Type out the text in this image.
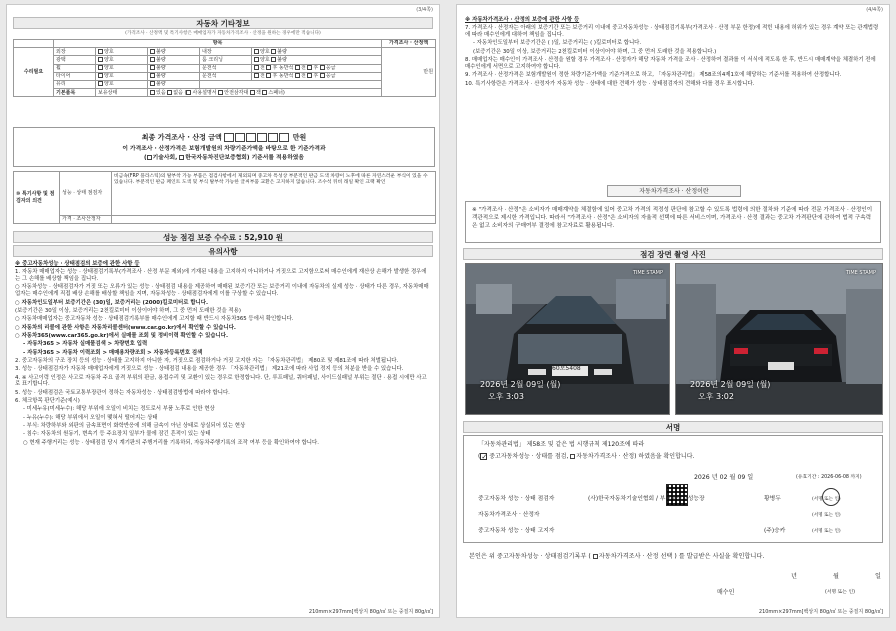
(3/4쪽)
자동차 기타정보
(가격조사 · 산정액 및 특기사항은 매매업자가 자동차가격조사 · 산정을 원하는 경우에만 적습니다)
	항목					가격조사 · 산정액
수리필요	외장	양호	불량	내장	양호 불량	만원
	광택	양호	불량	룸 크리닝	양호 불량	
	휠	양호	불량	운전석	전 후 동반석 전 후 응급	
	타이어	양호	불량	운전석	전 후 동반석 전 후 응급	
	유리	양호	불량			
	기본품목	보유상태	있음 없음 ( 사용설명서 안전삼각대 잭 스패너)			
최종 가격조사 · 산정 금액	만원
이 가격조사 · 산정가격은 보험개발원의 차량기준가액을 바탕으로 한 기준가격과
( 기술사회, 한국자동차진단보증협회) 기준서를 적용하였음
⑩ 특기사항 및 점검자의 의견	성능 · 상태 점검자	비금속(FRP 플라스틱)의 탈부착 가능 부품은 점검사항에서 제외되며 중고차 특성상 부분적인 판금 도색 차량이 노후에 따른 자연스러운 부식이 있을 수 있습니다. 부분적인 판금 페인트 도색 및 부식 탈부착 가능한 글씨부품 교환은 고지하지 않습니다. 조수석 뒤비 래일 확인 크랙 확인
	가격 · 조사산정자	
성능 점검 보증 수수료 : 52,910 원
유의사항

※ 중고자동차성능 · 상태점검의 보증에 관한 사항 등

1. 자동차 매매업자는 성능 · 상태점검기록부(가격조사 · 산정 부문 제외)에 기재된 내용을 고지하지 아니하거나 거짓으로 고지함으로써 매수인에게 재산상 손해가 발생한 경우에는 그 손해를 배상할 책임을 집니다.

○ 자동차성능 · 상태점검자가 거짓 또는 오류가 있는 성능 · 상태점검 내용을 제공하여 매매된 보증기간 또는 보증거리 이내에 자동차의 실제 성능 · 상태가 다른 경우, 자동차매매업자는 매수인에게 직접 배상 손해를 배상할 책임을 지며, 자동차성능 · 상태점검자에게 이를 구상할 수 있습니다.

○ 자동차인도일부터 보증기간은 (30)일, 보증거리는 (2000)킬로미터로 합니다.

(보증기간은 30일 이상, 보증거리는 2천킬로미터 이상이어야 하며, 그 중 먼저 도래한 것을 적용)

○ 자동차매매업자는 중고자동차 성능 · 상태점검기록부를 매수인에게 고지할 때 반드시 자동차365 등에서 확인합니다.

○ 자동차의 리콜에 관한 사항은 자동차리콜센터(www.car.go.kr)에서 확인할 수 있습니다.

○ 자동차365(www.car365.go.kr)에서 실매물 조회 및 정비이력 확인할 수 있습니다.

- 자동차365 > 자동차 실매물검색 > 차량번호 입력

- 자동차365 > 자동차 이력조회 > 매매용차량조회 > 자동차등록번호 검색

2. 중고자동차의 구조 장치 등의 성능 · 상태를 고지하지 아니한 자, 거짓으로 점검하거나 거짓 고지한 자는 「자동차관리법」 제80조 및 제81조에 따라 처벌됩니다.

3. 성능 · 상태점검자가 자동차 매매업자에게 거짓으로 성능 · 상태점검 내용을 제공한 경우 「자동차관리법」 제21조에 따라 사업 정지 등의 처분을 받을 수 있습니다.

4. ※ 사고이력 인정은 사고로 자동차 주요 골격 부위의 판금, 용접수리 및 교환이 있는 경우로 한정합니다. 단, 루프패널, 쿼터패널, 사이드실패널 부위는 절단 · 용접 시에만 사고로 표기합니다.

5. 성능 · 상태점검은 국토교통부장관이 정하는 자동차성능 · 상태점검방법에 따라야 합니다.

6. 체크항목 판단기준(예시)

- 미세누유(미세누수): 해당 부위에 오일이 비치는 정도로서 부품 노후로 인한 현상

- 누유(누수): 해당 부위에서 오일이 맺혀서 떨어지는 상태

- 부식: 차량하부와 외판의 금속표면이 화학반응에 의해 금속이 아닌 상태로 상실되어 있는 현상

- 침수: 자동차의 원동기, 변속기 등 주요장치 일부가 물에 잠긴 흔적이 있는 상태

○ 현재 주행거리는 성능 · 상태점검 당시 계기판의 주행거리를 기록하되, 자동차주행기록의 조작 여부 등을 확인하여야 합니다.

210mm×297mm[백상지 80g/㎡ 또는 중질지 80g/㎡]
(4/4쪽)

※ 자동차가격조사 · 산정의 보증에 관한 사항 등

7. 가격조사 · 산정자는 아래의 보증기간 또는 보증거리 이내에 중고자동차성능 · 상태점검기록부(가격조사 · 산정 부문 한정)에 적힌 내용에 허위가 있는 경우 계약 또는 관계법령에 따라 매수인에게 대하여 책임을 집니다.

- 자동차인도일부터 보증기간은 ( )일, 보증거리는 ( )킬로미터로 합니다.

(보증기간은 30일 이상, 보증거리는 2천킬로미터 이상이어야 하며, 그 중 먼저 도래한 것을 적용합니다.)

8. 매매업자는 매수인이 가격조사 · 산정을 원할 경우 가격조사 · 산정자가 해당 자동차 가격을 조사 · 산정하여 결과를 이 서식에 적도록 한 후, 반드시 매매계약을 체결하기 전에 매수인에게 서면으로 고지하여야 합니다.

9. 가격조사 · 산정가격은 보험개발원이 정한 차량기준가액을 기준가격으로 하고, 「자동차관리법」 제58조의4제1호에 해당하는 기준서를 적용하여 산정합니다.

10. 특기사항란은 가격조사 · 산정자가 자동차 성능 · 상태에 대한 견해가 성능 · 상태점검자의 견해와 다를 경우 표시합니다.

자동차가격조사 · 산정이란
※ "가격조사 · 산정"은 소비자가 매매계약을 체결함에 있어 중고차 가격의 적정성 판단에 참고할 수 있도록 법령에 의한 절차와 기준에 따라 전문 가격조사 · 산정인이 객관적으로 제시한 가격입니다. 따라서 "가격조사 · 산정"은 소비자의 자율적 선택에 따른 서비스이며, 가격조사 · 산정 결과는 중고차 가격판단에 관하여 법적 구속력은 없고 소비자의 구매여부 결정에 참고자료로 활용됩니다.
점검 장면 촬영 사진
TIME STAMP
60보5408
2026년 2월 09일 (월)
오후 3:03
TIME STAMP
2026년 2월 09일 (월)
오후 3:02
서명
「자동차관리법」 제58조 및 같은 법 시행규칙 제120조에 따라
(✓ 중고자동차성능 · 상태를 점검, 자동차가격조사 · 산정) 하였음을 확인합니다.
2026 년 02 월 09 일	(유효기간 : 2026-06-08 까지)
중고자동차 성능 · 상태 점검자	(사)한국자동차기술인협회 / 부천국민차성능장	황병두	(서명 또는 인)
자동차가격조사 · 산정자	(서명 또는 인)
중고자동차 성능 · 상태 고지자	(주)승카	(서명 또는 인)
본인은 위 중고자동차성능 · 상태점검기록부 ( 자동차가격조사 · 산정 선택 ) 를 발급받은 사실을 확인합니다.
년	월	일
매수인	(서명 또는 인)
210mm×297mm[백상지 80g/㎡ 또는 중질지 80g/㎡]
